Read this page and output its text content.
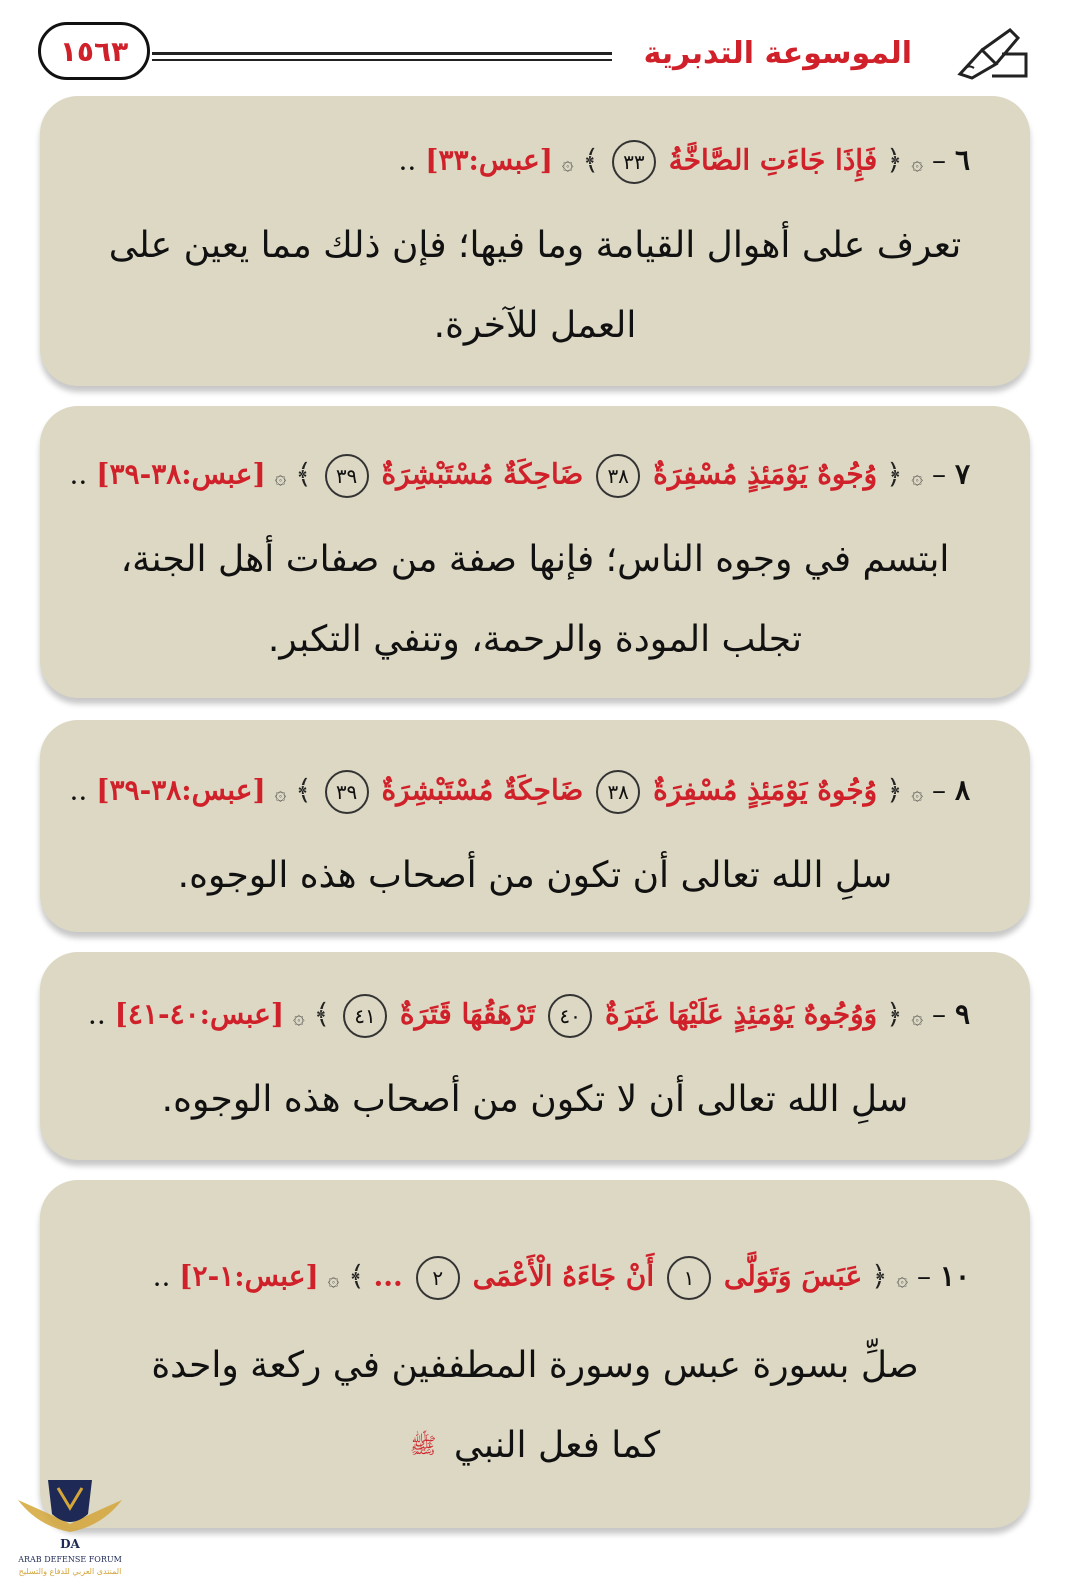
١٥٦٣	الموسوعة التدبرية
٦ – ۞ ﴿ فَإِذَا جَاءَتِ الصَّاخَّةُ ٣٣ ﴾ ۞ [عبس:٣٣] ..
تعرف على أهوال القيامة وما فيها؛ فإن ذلك مما يعين على
العمل للآخرة.
٧ – ۞ ﴿ وُجُوهٌ يَوْمَئِذٍ مُسْفِرَةٌ ٣٨ ضَاحِكَةٌ مُسْتَبْشِرَةٌ ٣٩ ﴾ ۞ [عبس:٣٨-٣٩] ..
ابتسم في وجوه الناس؛ فإنها صفة من صفات أهل الجنة،
تجلب المودة والرحمة، وتنفي التكبر.
٨ – ۞ ﴿ وُجُوهٌ يَوْمَئِذٍ مُسْفِرَةٌ ٣٨ ضَاحِكَةٌ مُسْتَبْشِرَةٌ ٣٩ ﴾ ۞ [عبس:٣٨-٣٩] ..
سلِ الله تعالى أن تكون من أصحاب هذه الوجوه.
٩ – ۞ ﴿ وَوُجُوهٌ يَوْمَئِذٍ عَلَيْهَا غَبَرَةٌ ٤٠ تَرْهَقُهَا قَتَرَةٌ ٤١ ﴾ ۞ [عبس:٤٠-٤١] ..
سلِ الله تعالى أن لا تكون من أصحاب هذه الوجوه.
١٠ – ۞ ﴿ عَبَسَ وَتَوَلَّى ١ أَنْ جَاءَهُ الْأَعْمَى ٢ ... ﴾ ۞ [عبس:١-٢] ..
صلِّ بسورة عبس وسورة المطففين في ركعة واحدة
كما فعل النبي ﷺ
DA
ARAB DEFENSE FORUM
المنتدى العربي للدفاع والتسليح
